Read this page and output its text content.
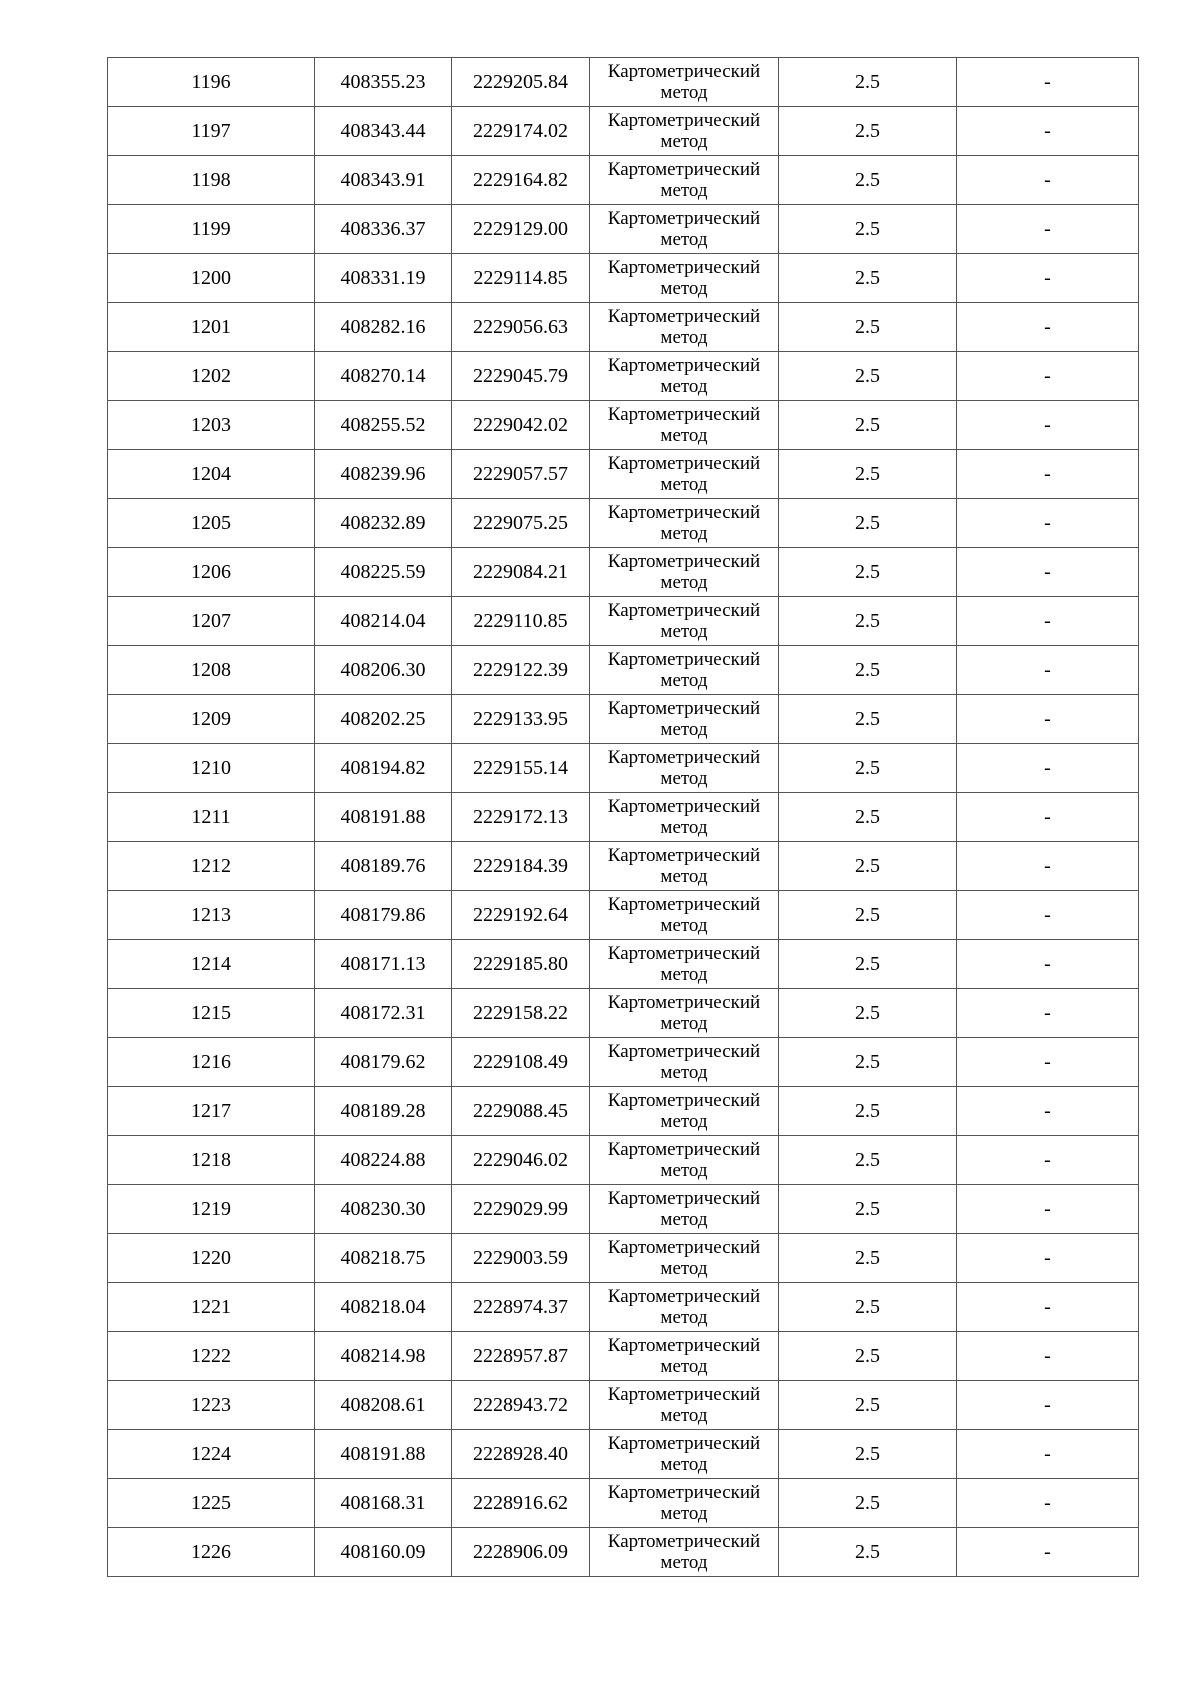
1196	408355.23	2229205.84	Картометрический
метод	2.5	-
1197	408343.44	2229174.02	Картометрический
метод	2.5	-
1198	408343.91	2229164.82	Картометрический
метод	2.5	-
1199	408336.37	2229129.00	Картометрический
метод	2.5	-
1200	408331.19	2229114.85	Картометрический
метод	2.5	-
1201	408282.16	2229056.63	Картометрический
метод	2.5	-
1202	408270.14	2229045.79	Картометрический
метод	2.5	-
1203	408255.52	2229042.02	Картометрический
метод	2.5	-
1204	408239.96	2229057.57	Картометрический
метод	2.5	-
1205	408232.89	2229075.25	Картометрический
метод	2.5	-
1206	408225.59	2229084.21	Картометрический
метод	2.5	-
1207	408214.04	2229110.85	Картометрический
метод	2.5	-
1208	408206.30	2229122.39	Картометрический
метод	2.5	-
1209	408202.25	2229133.95	Картометрический
метод	2.5	-
1210	408194.82	2229155.14	Картометрический
метод	2.5	-
1211	408191.88	2229172.13	Картометрический
метод	2.5	-
1212	408189.76	2229184.39	Картометрический
метод	2.5	-
1213	408179.86	2229192.64	Картометрический
метод	2.5	-
1214	408171.13	2229185.80	Картометрический
метод	2.5	-
1215	408172.31	2229158.22	Картометрический
метод	2.5	-
1216	408179.62	2229108.49	Картометрический
метод	2.5	-
1217	408189.28	2229088.45	Картометрический
метод	2.5	-
1218	408224.88	2229046.02	Картометрический
метод	2.5	-
1219	408230.30	2229029.99	Картометрический
метод	2.5	-
1220	408218.75	2229003.59	Картометрический
метод	2.5	-
1221	408218.04	2228974.37	Картометрический
метод	2.5	-
1222	408214.98	2228957.87	Картометрический
метод	2.5	-
1223	408208.61	2228943.72	Картометрический
метод	2.5	-
1224	408191.88	2228928.40	Картометрический
метод	2.5	-
1225	408168.31	2228916.62	Картометрический
метод	2.5	-
1226	408160.09	2228906.09	Картометрический
метод	2.5	-
